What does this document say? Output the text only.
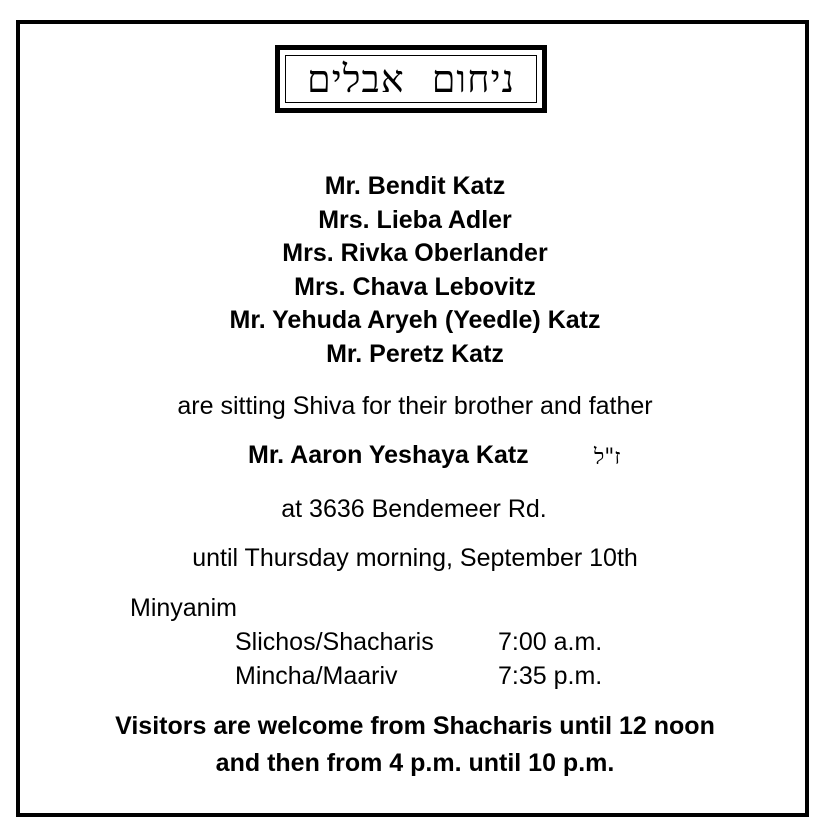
ניחום אבלים
Mr. Bendit Katz
Mrs. Lieba Adler
Mrs. Rivka Oberlander
Mrs. Chava Lebovitz
Mr. Yehuda Aryeh (Yeedle) Katz
Mr. Peretz Katz
are sitting Shiva for their brother and father
Mr. Aaron Yeshaya Katz	ז"ל
at 3636 Bendemeer Rd.
until Thursday morning, September 10th
Minyanim
Slichos/Shacharis	7:00 a.m.
Mincha/Maariv	7:35 p.m.
Visitors are welcome from Shacharis until 12 noon
and then from 4 p.m. until 10 p.m.
